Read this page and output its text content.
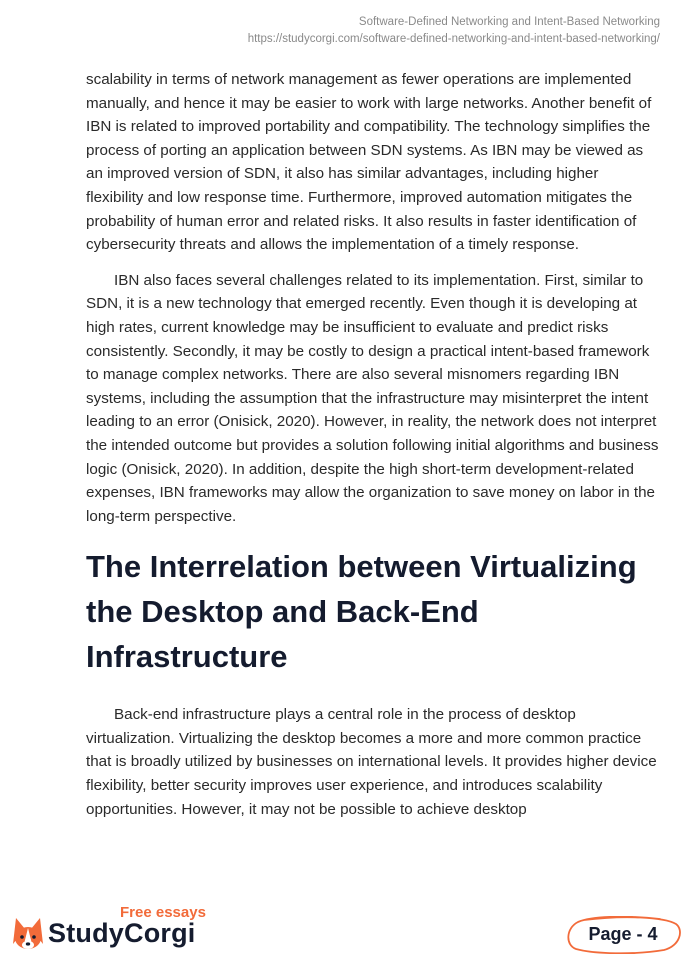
Software-Defined Networking and Intent-Based Networking
https://studycorgi.com/software-defined-networking-and-intent-based-networking/

scalability in terms of network management as fewer operations are implemented manually, and hence it may be easier to work with large networks. Another benefit of IBN is related to improved portability and compatibility. The technology simplifies the process of porting an application between SDN systems. As IBN may be viewed as an improved version of SDN, it also has similar advantages, including higher flexibility and low response time. Furthermore, improved automation mitigates the probability of human error and related risks. It also results in faster identification of cybersecurity threats and allows the implementation of a timely response.

IBN also faces several challenges related to its implementation. First, similar to SDN, it is a new technology that emerged recently. Even though it is developing at high rates, current knowledge may be insufficient to evaluate and predict risks consistently. Secondly, it may be costly to design a practical intent-based framework to manage complex networks. There are also several misnomers regarding IBN systems, including the assumption that the infrastructure may misinterpret the intent leading to an error (Onisick, 2020). However, in reality, the network does not interpret the intended outcome but provides a solution following initial algorithms and business logic (Onisick, 2020). In addition, despite the high short-term development-related expenses, IBN frameworks may allow the organization to save money on labor in the long-term perspective.

The Interrelation between Virtualizing the Desktop and Back-End Infrastructure

Back-end infrastructure plays a central role in the process of desktop virtualization. Virtualizing the desktop becomes a more and more common practice that is broadly utilized by businesses on international levels. It provides higher device flexibility, better security improves user experience, and introduces scalability opportunities. However, it may not be possible to achieve desktop

Free essays
StudyCorgi	Page - 4
